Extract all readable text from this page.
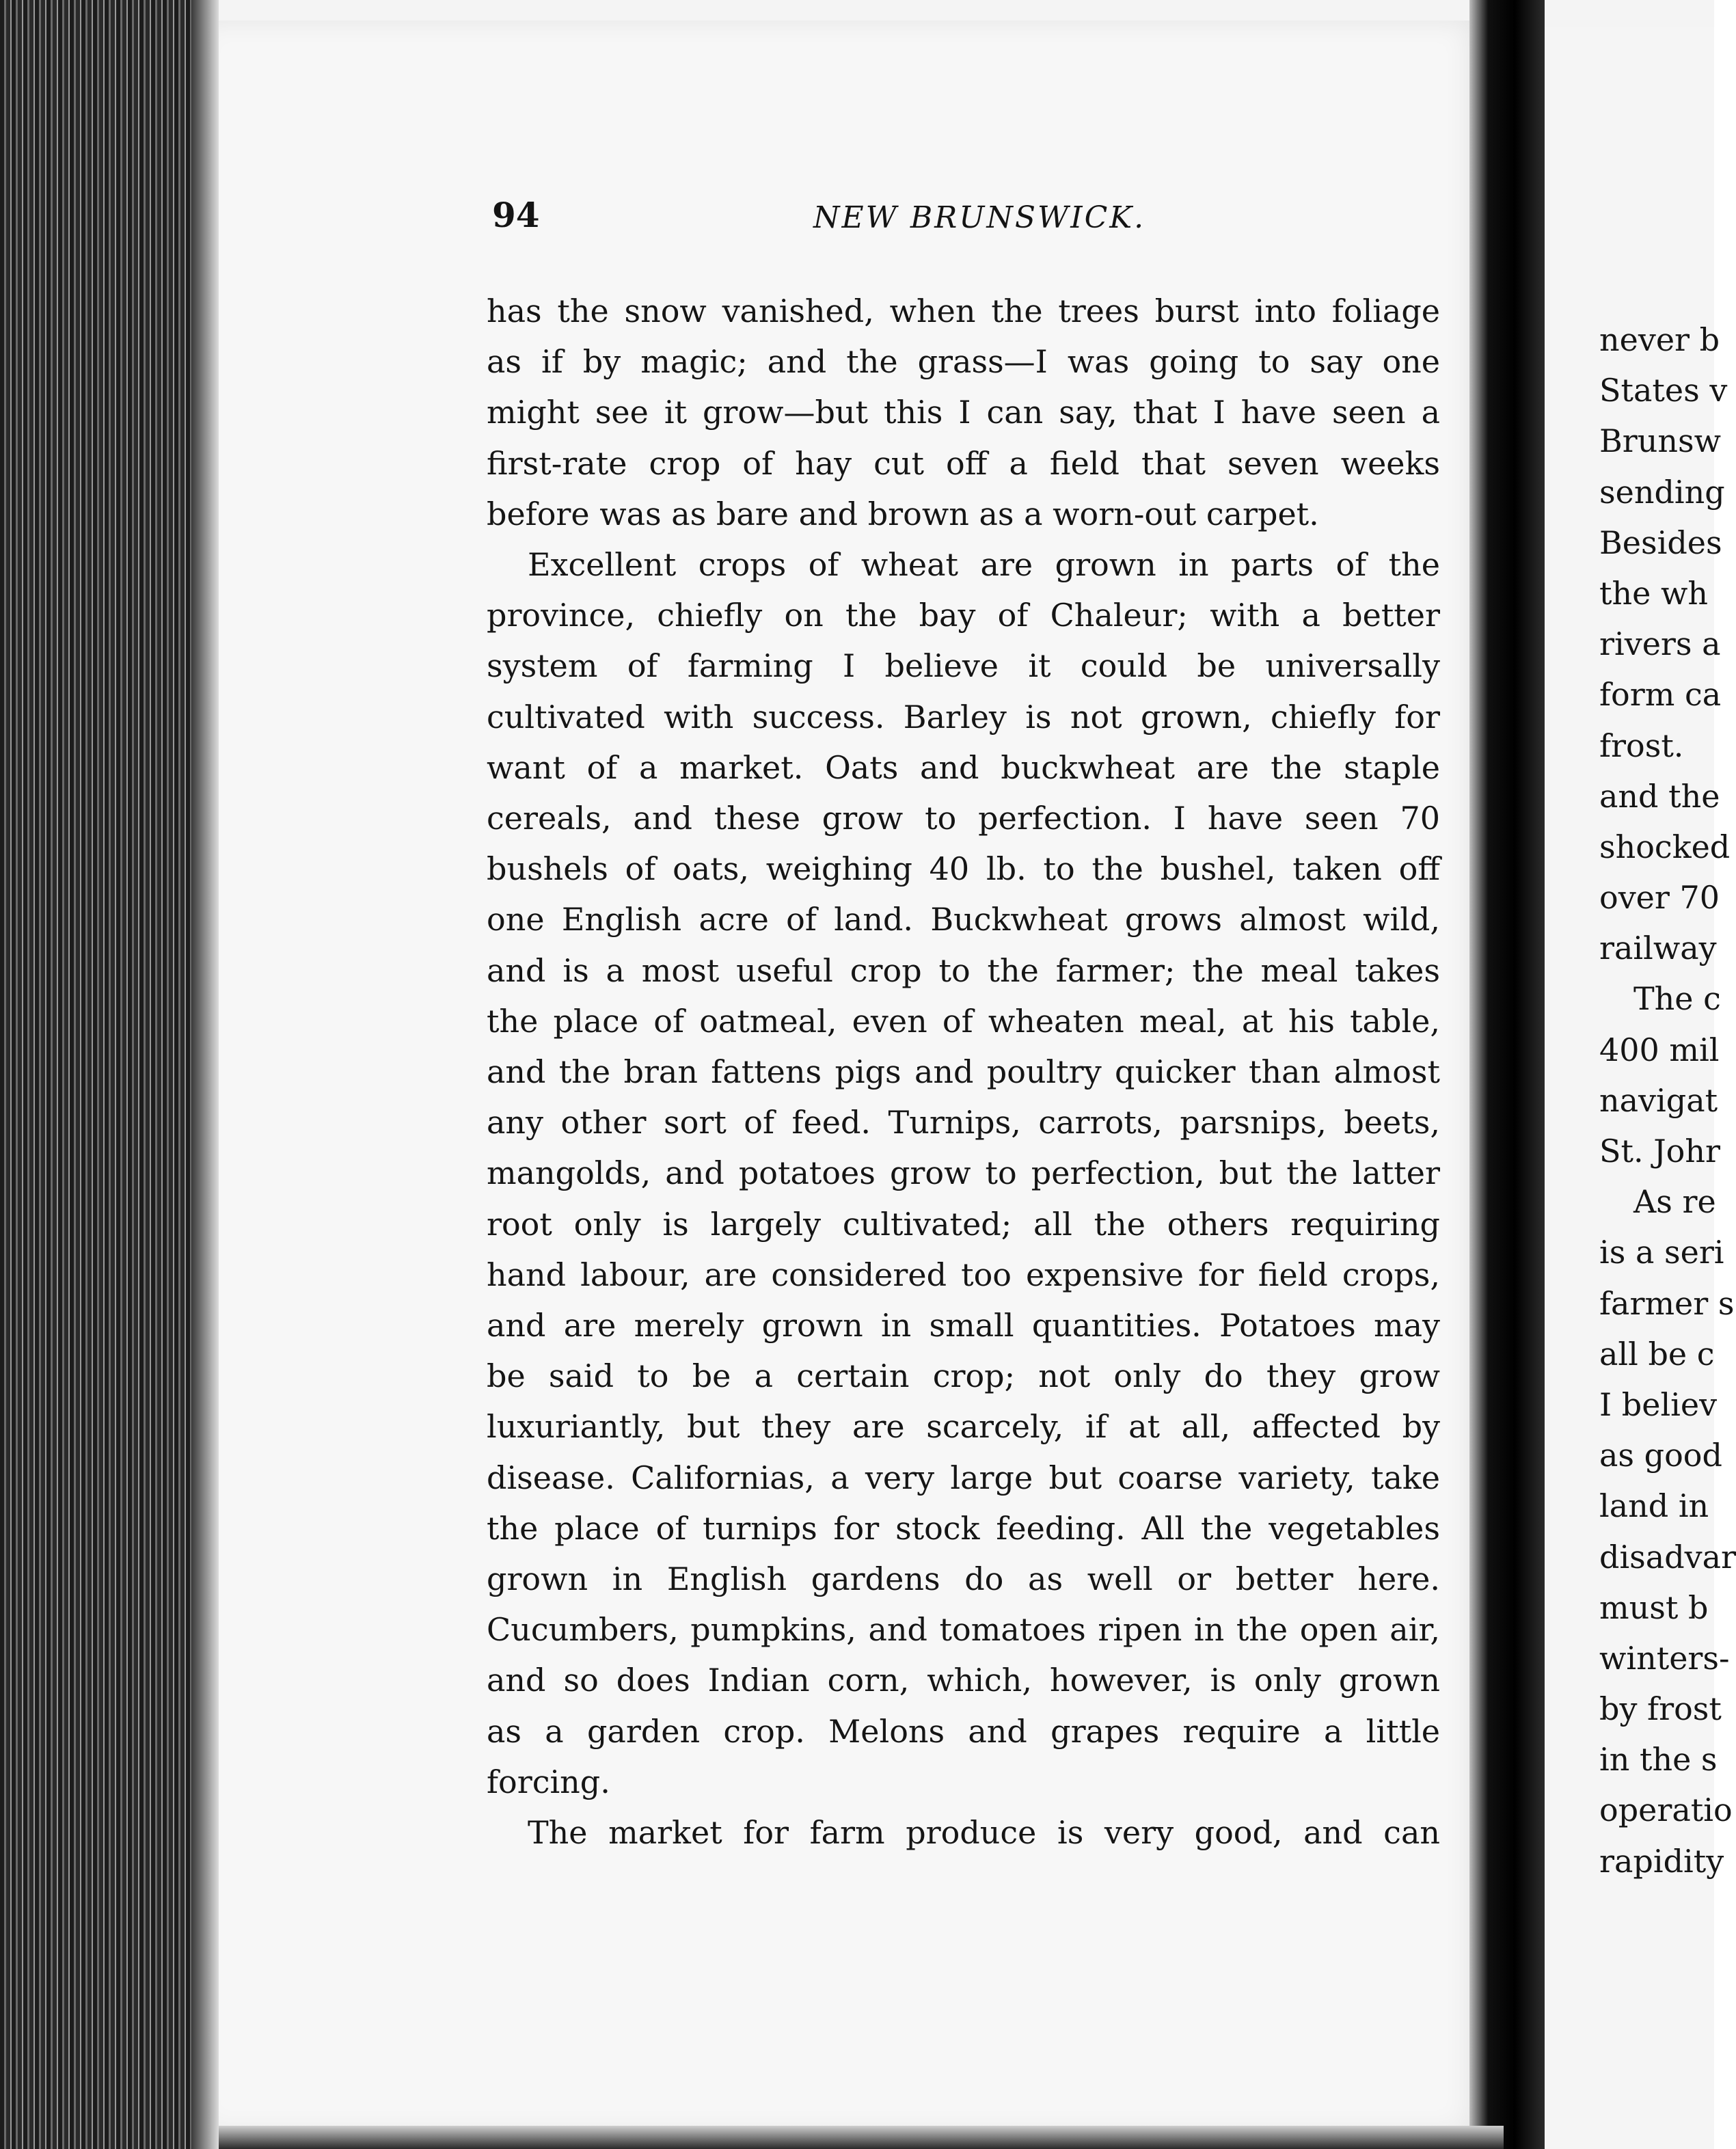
94	NEW BRUNSWICK.

has the snow vanished, when the trees burst into foliage

as if by magic; and the grass—I was going to say one

might see it grow—but this I can say, that I have seen a

first-rate crop of hay cut off a field that seven weeks

before was as bare and brown as a worn-out carpet.

Excellent crops of wheat are grown in parts of the

province, chiefly on the bay of Chaleur; with a better

system of farming I believe it could be universally

cultivated with success. Barley is not grown, chiefly for

want of a market. Oats and buckwheat are the staple

cereals, and these grow to perfection. I have seen 70

bushels of oats, weighing 40 lb. to the bushel, taken off

one English acre of land. Buckwheat grows almost wild,

and is a most useful crop to the farmer; the meal takes

the place of oatmeal, even of wheaten meal, at his table,

and the bran fattens pigs and poultry quicker than almost

any other sort of feed. Turnips, carrots, parsnips, beets,

mangolds, and potatoes grow to perfection, but the latter

root only is largely cultivated; all the others requiring

hand labour, are considered too expensive for field crops,

and are merely grown in small quantities. Potatoes may

be said to be a certain crop; not only do they grow

luxuriantly, but they are scarcely, if at all, affected by

disease. Californias, a very large but coarse variety, take

the place of turnips for stock feeding. All the vegetables

grown in English gardens do as well or better here.

Cucumbers, pumpkins, and tomatoes ripen in the open air,

and so does Indian corn, which, however, is only grown

as a garden crop. Melons and grapes require a little

forcing.

The market for farm produce is very good, and can

never b
States v
Brunsw
sending
Besides
the wh
rivers a
form ca
frost.
and the
shocked
over 70
railway
The c
400 mil
navigat
St. Johr
As re
is a seri
farmer s
all be c
I believ
as good
land in
disadvar
must b
winters-
by frost
in the s
operatio
rapidity
